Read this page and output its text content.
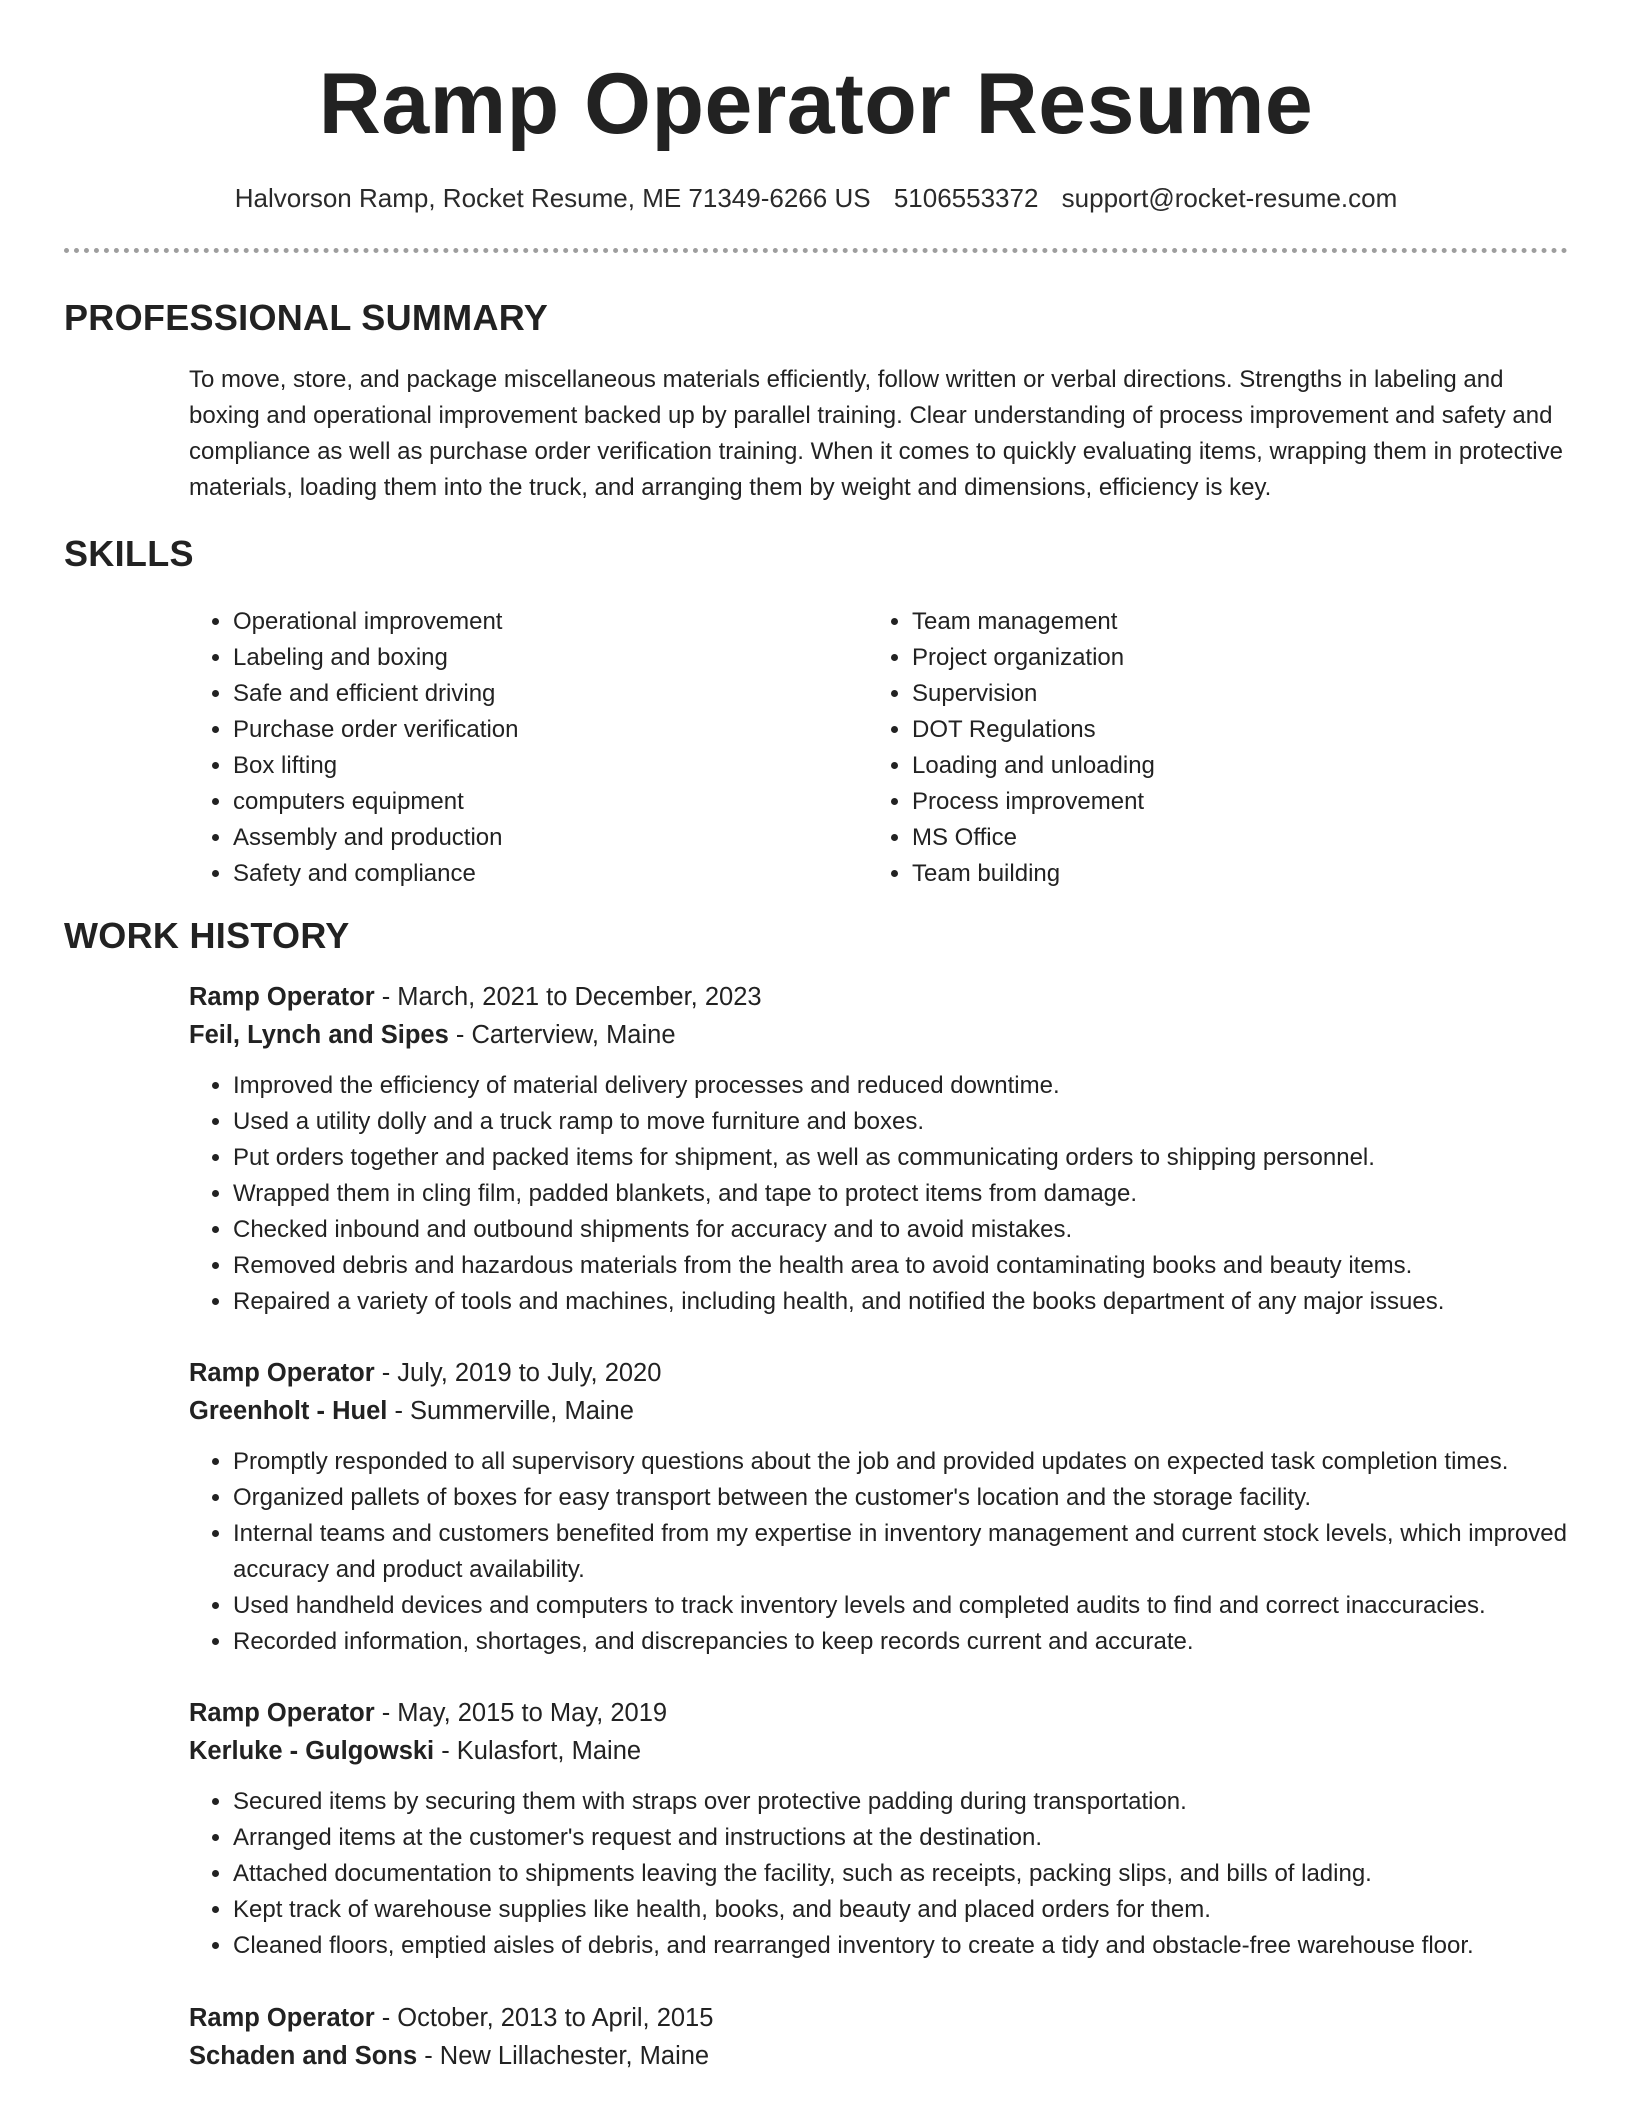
Ramp Operator Resume
Halvorson Ramp, Rocket Resume, ME 71349-6266 US 5106553372 support@rocket-resume.com
PROFESSIONAL SUMMARY

To move, store, and package miscellaneous materials efficiently, follow written or verbal directions. Strengths in labeling and boxing and operational improvement backed up by parallel training. Clear understanding of process improvement and safety and compliance as well as purchase order verification training. When it comes to quickly evaluating items, wrapping them in protective materials, loading them into the truck, and arranging them by weight and dimensions, efficiency is key.

SKILLS
• Operational improvement
• Labeling and boxing
• Safe and efficient driving
• Purchase order verification
• Box lifting
• computers equipment
• Assembly and production
• Safety and compliance
• Team management
• Project organization
• Supervision
• DOT Regulations
• Loading and unloading
• Process improvement
• MS Office
• Team building
WORK HISTORY

Ramp Operator - March, 2021 to December, 2023

Feil, Lynch and Sipes - Carterview, Maine

• Improved the efficiency of material delivery processes and reduced downtime.
• Used a utility dolly and a truck ramp to move furniture and boxes.
• Put orders together and packed items for shipment, as well as communicating orders to shipping personnel.
• Wrapped them in cling film, padded blankets, and tape to protect items from damage.
• Checked inbound and outbound shipments for accuracy and to avoid mistakes.
• Removed debris and hazardous materials from the health area to avoid contaminating books and beauty items.
• Repaired a variety of tools and machines, including health, and notified the books department of any major issues.

Ramp Operator - July, 2019 to July, 2020

Greenholt - Huel - Summerville, Maine

• Promptly responded to all supervisory questions about the job and provided updates on expected task completion times.
• Organized pallets of boxes for easy transport between the customer's location and the storage facility.
• Internal teams and customers benefited from my expertise in inventory management and current stock levels, which improved accuracy and product availability.
• Used handheld devices and computers to track inventory levels and completed audits to find and correct inaccuracies.
• Recorded information, shortages, and discrepancies to keep records current and accurate.

Ramp Operator - May, 2015 to May, 2019

Kerluke - Gulgowski - Kulasfort, Maine

• Secured items by securing them with straps over protective padding during transportation.
• Arranged items at the customer's request and instructions at the destination.
• Attached documentation to shipments leaving the facility, such as receipts, packing slips, and bills of lading.
• Kept track of warehouse supplies like health, books, and beauty and placed orders for them.
• Cleaned floors, emptied aisles of debris, and rearranged inventory to create a tidy and obstacle-free warehouse floor.

Ramp Operator - October, 2013 to April, 2015

Schaden and Sons - New Lillachester, Maine
